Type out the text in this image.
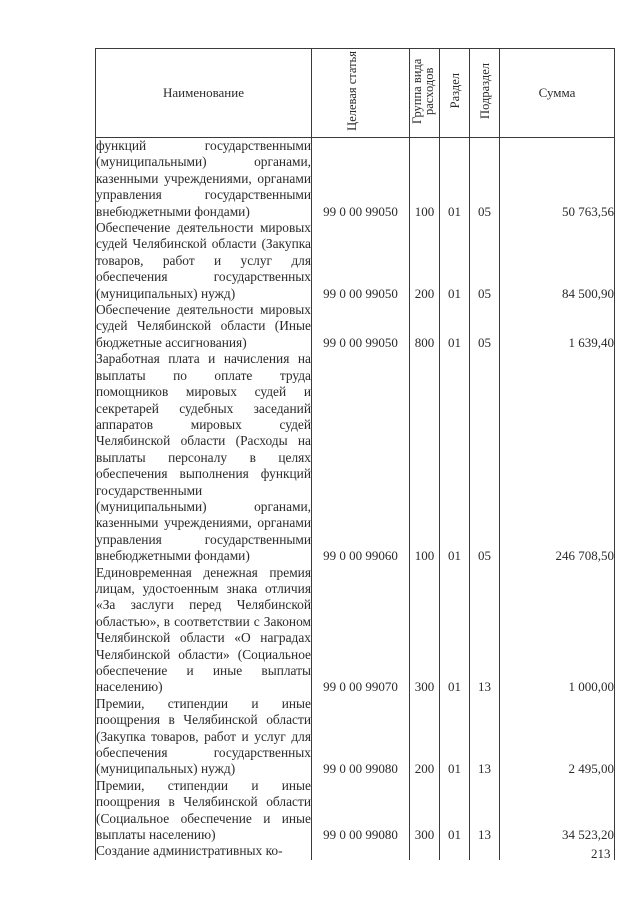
Наименование	Целевая статья	Группа вида расходов	Раздел	Подраздел	Сумма
функций государственными (муниципальными) органами, казенными учреждениями, органами управления государственными внебюджетными фондами)	99 0 00 99050	100	01	05	50 763,56
Обеспечение деятельности мировых судей Челябинской области (Закупка товаров, работ и услуг для обеспечения государственных (муниципальных) нужд)	99 0 00 99050	200	01	05	84 500,90
Обеспечение деятельности мировых судей Челябинской области (Иные бюджетные ассигнования)	99 0 00 99050	800	01	05	1 639,40
Заработная плата и начисления на выплаты по оплате труда помощников мировых судей и секретарей судебных заседаний аппаратов мировых судей Челябинской области (Расходы на выплаты персоналу в целях обеспечения выполнения функций государственными (муниципальными) органами, казенными учреждениями, органами управления государственными внебюджетными фондами)	99 0 00 99060	100	01	05	246 708,50
Единовременная денежная премия лицам, удостоенным знака отличия «За заслуги перед Челябинской областью», в соответствии с Законом Челябинской области «О наградах Челябинской области» (Социальное обеспечение и иные выплаты населению)	99 0 00 99070	300	01	13	1 000,00
Премии, стипендии и иные поощрения в Челябинской области (Закупка товаров, работ и услуг для обеспечения государственных (муниципальных) нужд)	99 0 00 99080	200	01	13	2 495,00
Премии, стипендии и иные поощрения в Челябинской области (Социальное обеспечение и иные выплаты населению)	99 0 00 99080	300	01	13	34 523,20
Создание административных ко-						213
